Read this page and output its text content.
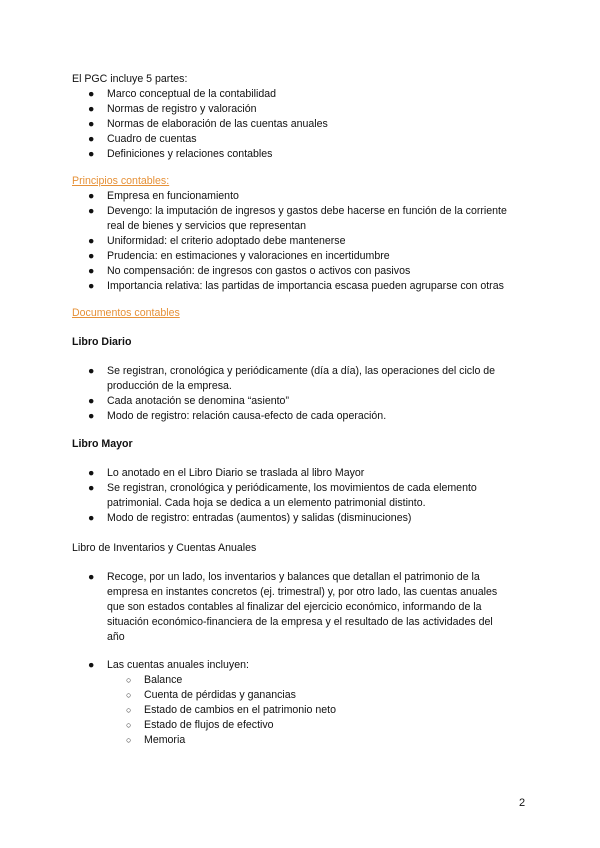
El PGC incluye 5 partes:
● Marco conceptual de la contabilidad
● Normas de registro y valoración
● Normas de elaboración de las cuentas anuales
● Cuadro de cuentas
● Definiciones y relaciones contables
Principios contables:
● Empresa en funcionamiento
● Devengo: la imputación de ingresos y gastos debe hacerse en función de la corriente
real de bienes y servicios que representan
● Uniformidad: el criterio adoptado debe mantenerse
● Prudencia: en estimaciones y valoraciones en incertidumbre
● No compensación: de ingresos con gastos o activos con pasivos
● Importancia relativa: las partidas de importancia escasa pueden agruparse con otras
Documentos contables
Libro Diario
● Se registran, cronológica y periódicamente (día a día), las operaciones del ciclo de
producción de la empresa.
● Cada anotación se denomina “asiento”
● Modo de registro: relación causa-efecto de cada operación.
Libro Mayor
● Lo anotado en el Libro Diario se traslada al libro Mayor
● Se registran, cronológica y periódicamente, los movimientos de cada elemento
patrimonial. Cada hoja se dedica a un elemento patrimonial distinto.
● Modo de registro: entradas (aumentos) y salidas (disminuciones)
Libro de Inventarios y Cuentas Anuales
● Recoge, por un lado, los inventarios y balances que detallan el patrimonio de la
empresa en instantes concretos (ej. trimestral) y, por otro lado, las cuentas anuales
que son estados contables al finalizar del ejercicio económico, informando de la
situación económico-financiera de la empresa y el resultado de las actividades del
año
● Las cuentas anuales incluyen:
○ Balance
○ Cuenta de pérdidas y ganancias
○ Estado de cambios en el patrimonio neto
○ Estado de flujos de efectivo
○ Memoria
2
